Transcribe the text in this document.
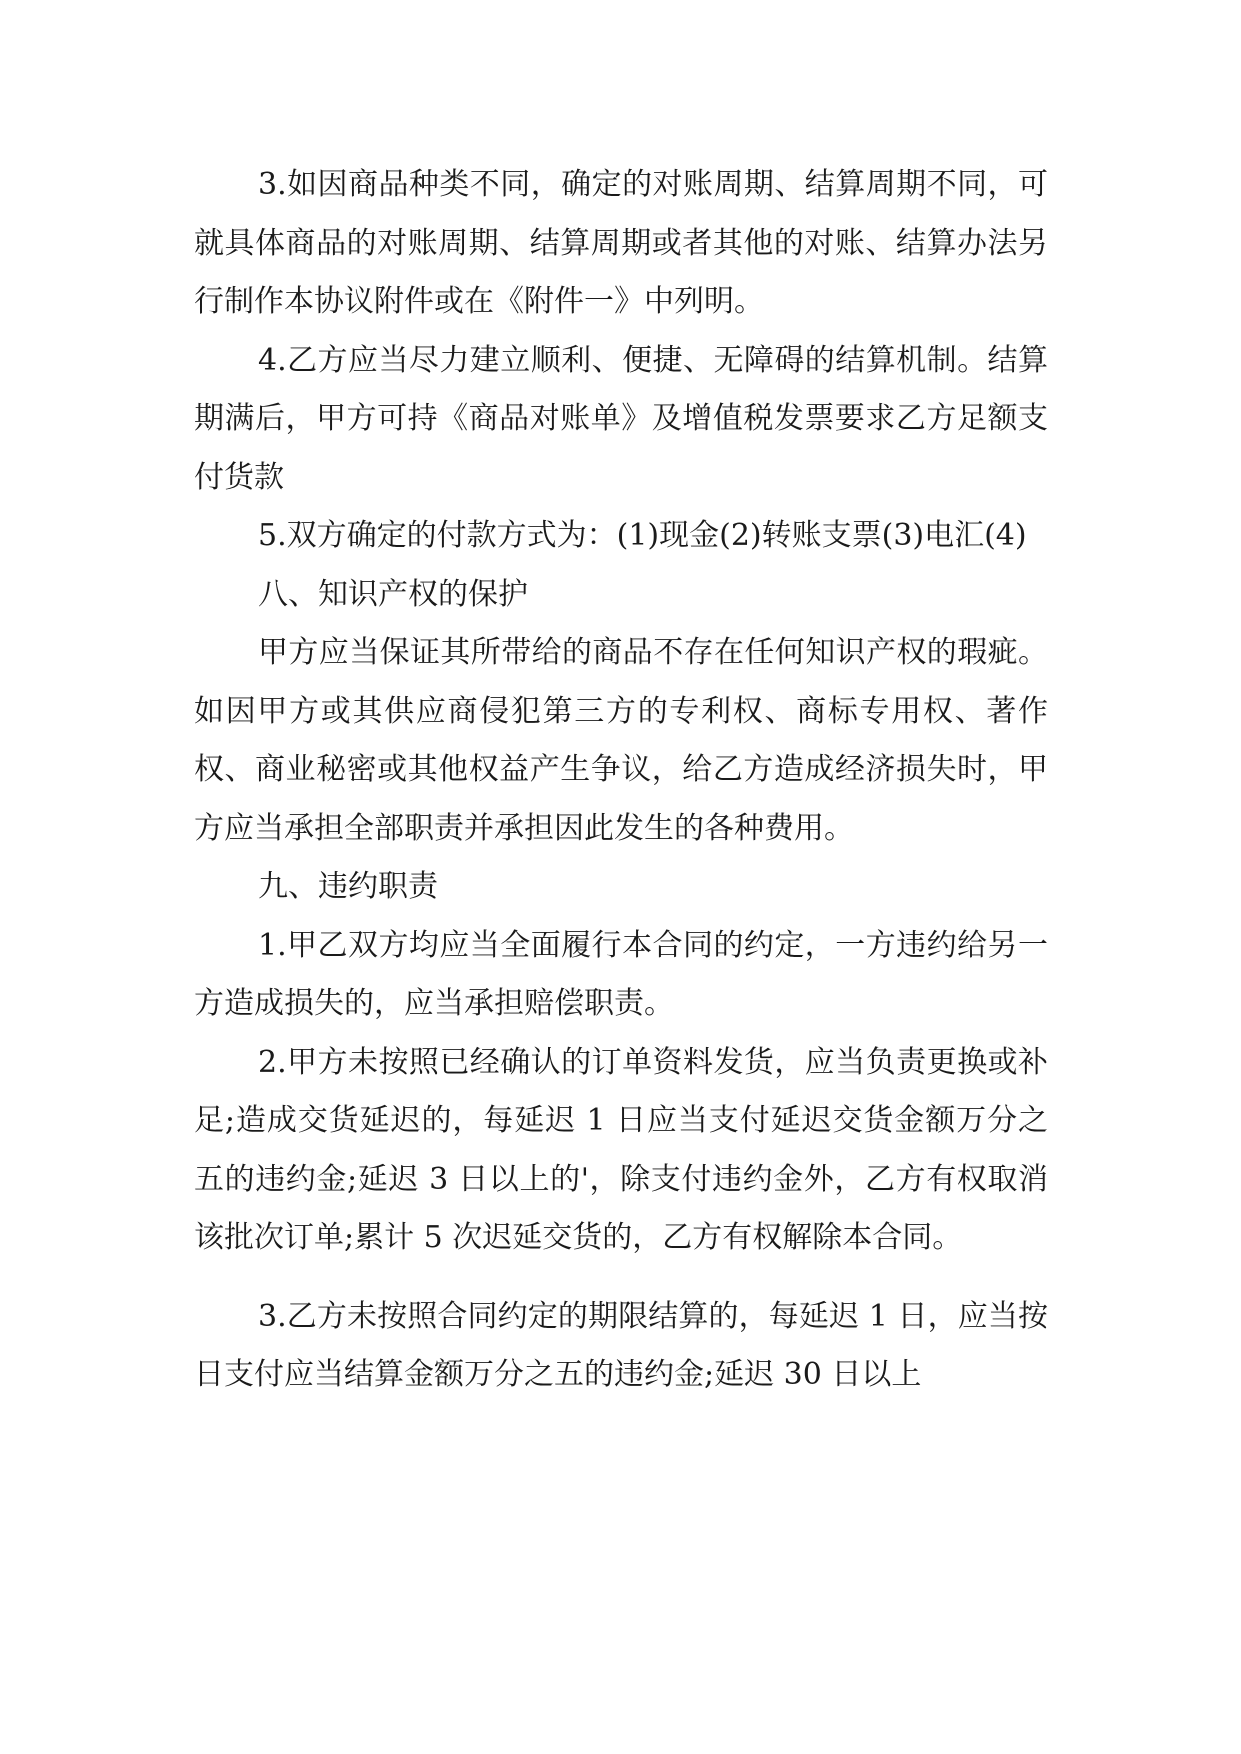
3.如因商品种类不同，确定的对账周期、结算周期不同，可就具体商品的对账周期、结算周期或者其他的对账、结算办法另行制作本协议附件或在《附件一》中列明。

4.乙方应当尽力建立顺利、便捷、无障碍的结算机制。结算期满后，甲方可持《商品对账单》及增值税发票要求乙方足额支付货款

5.双方确定的付款方式为：(1)现金(2)转账支票(3)电汇(4)

八、知识产权的保护

甲方应当保证其所带给的商品不存在任何知识产权的瑕疵。如因甲方或其供应商侵犯第三方的专利权、商标专用权、著作权、商业秘密或其他权益产生争议，给乙方造成经济损失时，甲方应当承担全部职责并承担因此发生的各种费用。

九、违约职责

1.甲乙双方均应当全面履行本合同的约定，一方违约给另一方造成损失的，应当承担赔偿职责。

2.甲方未按照已经确认的订单资料发货，应当负责更换或补足;造成交货延迟的，每延迟 1 日应当支付延迟交货金额万分之五的违约金;延迟 3 日以上的'，除支付违约金外，乙方有权取消该批次订单;累计 5 次迟延交货的，乙方有权解除本合同。

3.乙方未按照合同约定的期限结算的，每延迟 1 日，应当按日支付应当结算金额万分之五的违约金;延迟 30 日以上
